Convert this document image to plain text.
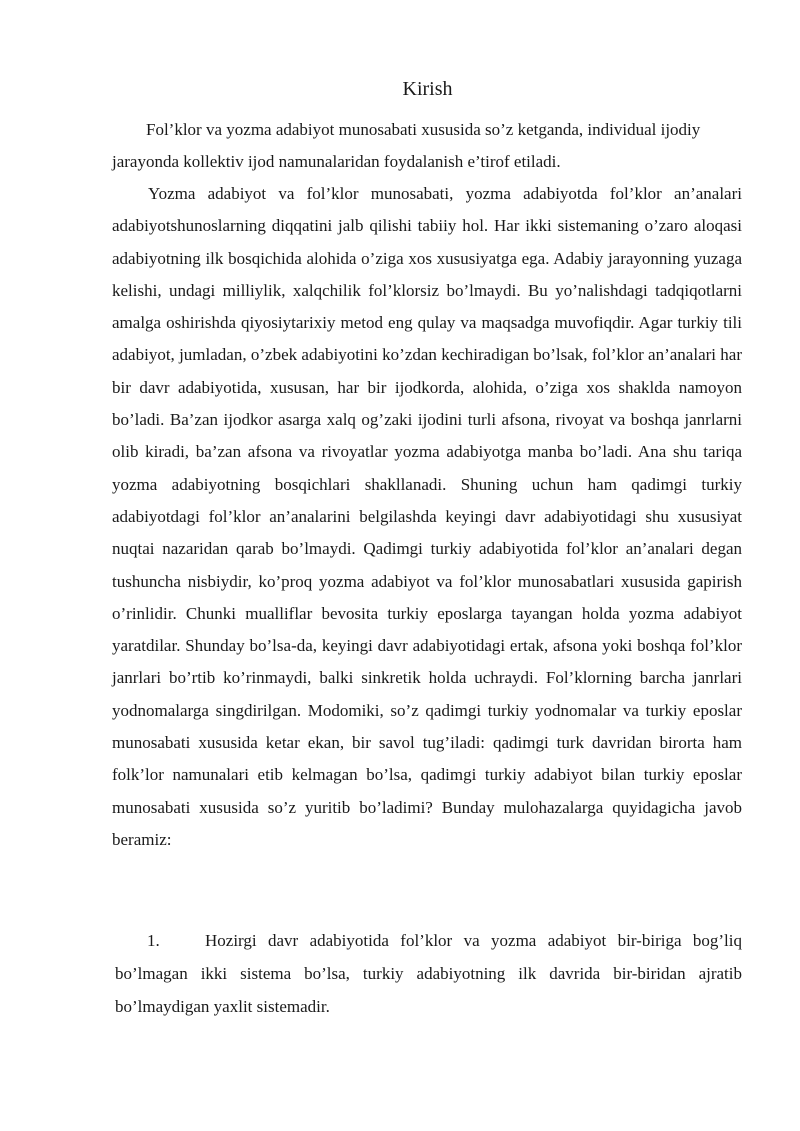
Kirish

Fol’klor va yozma adabiyot munosabati xususida so’z ketganda, individual ijodiy jarayonda kollektiv ijod namunalaridan foydalanish e’tirof etiladi.

Yozma adabiyot va fol’klor munosabati, yozma adabiyotda fol’klor an’analari adabiyotshunoslarning diqqatini jalb qilishi tabiiy hol. Har ikki sistemaning o’zaro aloqasi adabiyotning ilk bosqichida alohida o’ziga xos xususiyatga ega. Adabiy jarayonning yuzaga kelishi, undagi milliylik, xalqchilik fol’klorsiz bo’lmaydi. Bu yo’nalishdagi tadqiqotlarni amalga oshirishda qiyosiytarixiy metod eng qulay va maqsadga muvofiqdir. Agar turkiy tili adabiyot, jumladan, o’zbek adabiyotini ko’zdan kechiradigan bo’lsak, fol’klor an’analari har bir davr adabiyotida, xususan, har bir ijodkorda, alohida, o’ziga xos shaklda namoyon bo’ladi. Ba’zan ijodkor asarga xalq og’zaki ijodini turli afsona, rivoyat va boshqa janrlarni olib kiradi, ba’zan afsona va rivoyatlar yozma adabiyotga manba bo’ladi. Ana shu tariqa yozma adabiyotning bosqichlari shakllanadi. Shuning uchun ham qadimgi turkiy adabiyotdagi fol’klor an’analarini belgilashda keyingi davr adabiyotidagi shu xususiyat nuqtai nazaridan qarab bo’lmaydi. Qadimgi turkiy adabiyotida fol’klor an’analari degan tushuncha nisbiydir, ko’proq yozma adabiyot va fol’klor munosabatlari xususida gapirish o’rinlidir. Chunki mualliflar bevosita turkiy eposlarga tayangan holda yozma adabiyot yaratdilar. Shunday bo’lsa-da, keyingi davr adabiyotidagi ertak, afsona yoki boshqa fol’klor janrlari bo’rtib ko’rinmaydi, balki sinkretik holda uchraydi. Fol’klorning barcha janrlari yodnomalarga singdirilgan. Modomiki, so’z qadimgi turkiy yodnomalar va turkiy eposlar munosabati xususida ketar ekan, bir savol tug’iladi: qadimgi turk davridan birorta ham folk’lor namunalari etib kelmagan bo’lsa, qadimgi turkiy adabiyot bilan turkiy eposlar munosabati xususida so’z yuritib bo’ladimi? Bunday mulohazalarga quyidagicha javob beramiz:

1.	Hozirgi davr adabiyotida fol’klor va yozma adabiyot bir-biriga bog’liq bo’lmagan ikki sistema bo’lsa, turkiy adabiyotning ilk davrida bir-biridan ajratib bo’lmaydigan yaxlit sistemadir.
